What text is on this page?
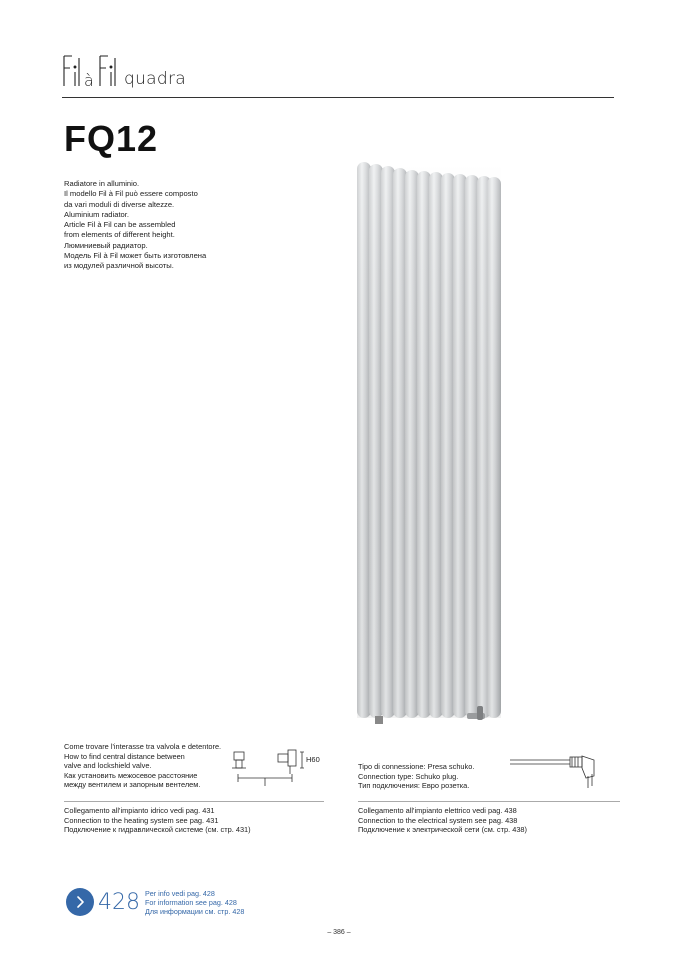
à quadra
FQ12
Radiatore in alluminio.
Il modello Fil à Fil può essere composto
da vari moduli di diverse altezze.
Aluminium radiator.
Article Fil à Fil can be assembled
from elements of different height.
Люминиевый радиатор.
Модель Fil à Fil может быть изготовлена
из модулей различной высоты.
Come trovare l'interasse tra valvola e detentore.
How to find central distance between
valve and lockshield valve.
Как установить межосевое расстояние
между вентилем и запорным вентелем.
H60
Collegamento all'impianto idrico vedi pag. 431
Connection to the heating system see pag. 431
Подключение к гидравлической системе (см. стр. 431)
Tipo di connessione: Presa schuko.
Connection type: Schuko plug.
Тип подключения: Евро розетка.
Collegamento all'impianto elettrico vedi pag. 438
Connection to the electrical system see pag. 438
Подключение к электрической сети (см. стр. 438)
428 Per info vedi pag. 428
For information see pag. 428
Для информации см. стр. 428
– 386 –
